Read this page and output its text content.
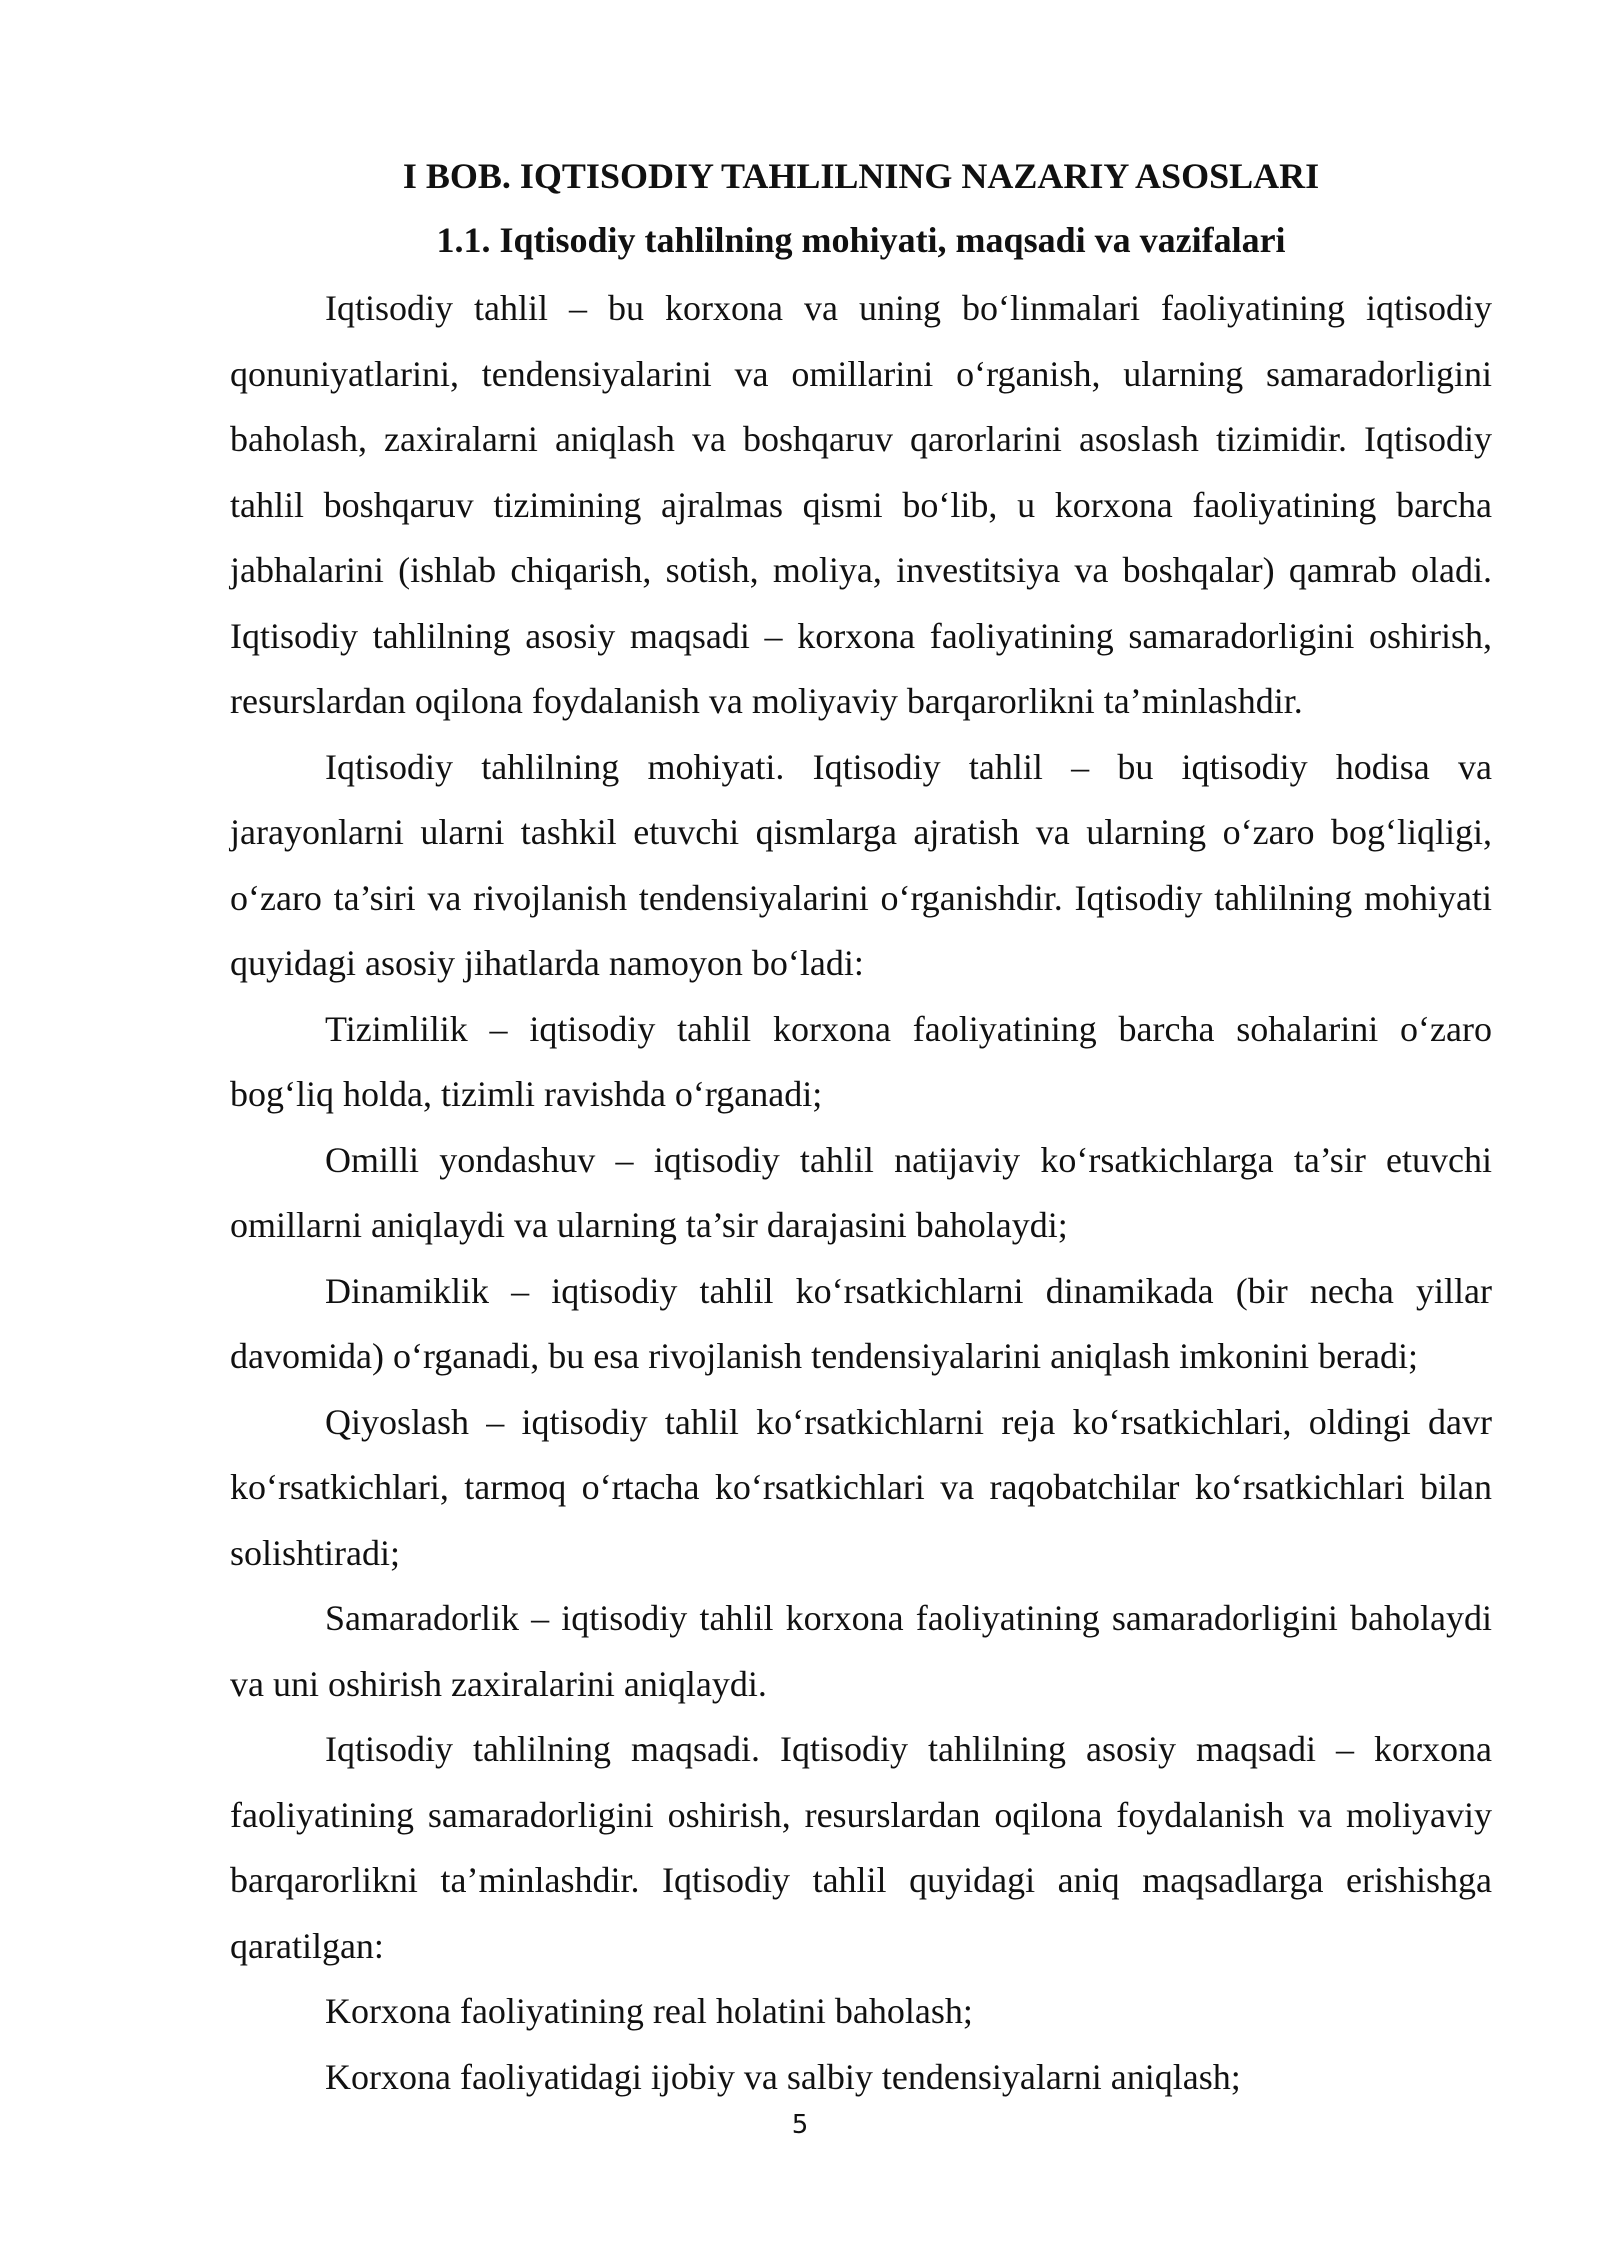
I BOB. IQTISODIY TAHLILNING NAZARIY ASOSLARI
1.1. Iqtisodiy tahlilning mohiyati, maqsadi va vazifalari

Iqtisodiy tahlil – bu korxona va uning bo‘linmalari faoliyatining iqtisodiy qonuniyatlarini, tendensiyalarini va omillarini o‘rganish, ularning samaradorligini baholash, zaxiralarni aniqlash va boshqaruv qarorlarini asoslash tizimidir. Iqtisodiy tahlil boshqaruv tizimining ajralmas qismi bo‘lib, u korxona faoliyatining barcha jabhalarini (ishlab chiqarish, sotish, moliya, investitsiya va boshqalar) qamrab oladi. Iqtisodiy tahlilning asosiy maqsadi – korxona faoliyatining samaradorligini oshirish, resurslardan oqilona foydalanish va moliyaviy barqarorlikni ta’minlashdir.

Iqtisodiy tahlilning mohiyati. Iqtisodiy tahlil – bu iqtisodiy hodisa va jarayonlarni ularni tashkil etuvchi qismlarga ajratish va ularning o‘zaro bog‘liqligi, o‘zaro ta’siri va rivojlanish tendensiyalarini o‘rganishdir. Iqtisodiy tahlilning mohiyati quyidagi asosiy jihatlarda namoyon bo‘ladi:

Tizimlilik – iqtisodiy tahlil korxona faoliyatining barcha sohalarini o‘zaro bog‘liq holda, tizimli ravishda o‘rganadi;

Omilli yondashuv – iqtisodiy tahlil natijaviy ko‘rsatkichlarga ta’sir etuvchi omillarni aniqlaydi va ularning ta’sir darajasini baholaydi;

Dinamiklik – iqtisodiy tahlil ko‘rsatkichlarni dinamikada (bir necha yillar davomida) o‘rganadi, bu esa rivojlanish tendensiyalarini aniqlash imkonini beradi;

Qiyoslash – iqtisodiy tahlil ko‘rsatkichlarni reja ko‘rsatkichlari, oldingi davr ko‘rsatkichlari, tarmoq o‘rtacha ko‘rsatkichlari va raqobatchilar ko‘rsatkichlari bilan solishtiradi;

Samaradorlik – iqtisodiy tahlil korxona faoliyatining samaradorligini baholaydi va uni oshirish zaxiralarini aniqlaydi.

Iqtisodiy tahlilning maqsadi. Iqtisodiy tahlilning asosiy maqsadi – korxona faoliyatining samaradorligini oshirish, resurslardan oqilona foydalanish va moliyaviy barqarorlikni ta’minlashdir. Iqtisodiy tahlil quyidagi aniq maqsadlarga erishishga qaratilgan:

Korxona faoliyatining real holatini baholash;

Korxona faoliyatidagi ijobiy va salbiy tendensiyalarni aniqlash;

5
